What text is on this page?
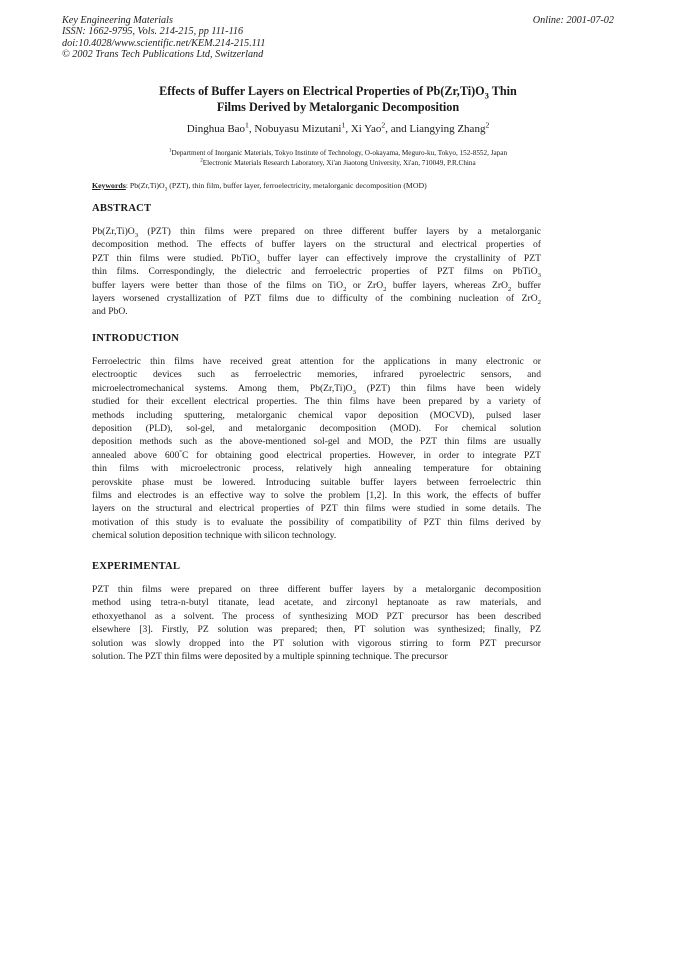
Key Engineering Materials
ISSN: 1662-9795, Vols. 214-215, pp 111-116
doi:10.4028/www.scientific.net/KEM.214-215.111
© 2002 Trans Tech Publications Ltd, Switzerland
Online: 2001-07-02
Effects of Buffer Layers on Electrical Properties of $Pb(Zr,Ti)O_3$ Thin
Films Derived by Metalorganic Decomposition
Dinghua Bao$^1$, Nobuyasu Mizutani$^1$, Xi Yao$^2$, and Liangying Zhang$^2$
$^1$Department of Inorganic Materials, Tokyo Institute of Technology, O-okayama, Meguro-ku, Tokyo, 152-8552, Japan
$^2$Electronic Materials Research Laboratory, Xi'an Jiaotong University, Xi'an, 710049, P.R.China
Keywords: $Pb(Zr,Ti)O_3$ (PZT), thin film, buffer layer, ferroelectricity, metalorganic decomposition (MOD)
ABSTRACT
$Pb(Zr,Ti)O_3$ (PZT) thin films were prepared on three different buffer layers by a metalorganic
decomposition method. The effects of buffer layers on the structural and electrical properties of
PZT thin films were studied. PbTiO$_3$ buffer layer can effectively improve the crystallinity of PZT
thin films. Correspondingly, the dielectric and ferroelectric properties of PZT films on PbTiO$_3$
buffer layers were better than those of the films on TiO$_2$ or ZrO$_2$ buffer layers, whereas ZrO$_2$ buffer
layers worsened crystallization of PZT films due to difficulty of the combining nucleation of ZrO$_2$
and PbO.
INTRODUCTION
Ferroelectric thin films have received great attention for the applications in many electronic or
electrooptic devices such as ferroelectric memories, infrared pyroelectric sensors, and
microelectromechanical systems. Among them, $Pb(Zr,Ti)O_3$ (PZT) thin films have been widely
studied for their excellent electrical properties. The thin films have been prepared by a variety of
methods including sputtering, metalorganic chemical vapor deposition (MOCVD), pulsed laser
deposition (PLD), sol-gel, and metalorganic decomposition (MOD). For chemical solution
deposition methods such as the above-mentioned sol-gel and MOD, the PZT thin films are usually
annealed above 600°C for obtaining good electrical properties. However, in order to integrate PZT
thin films with microelectronic process, relatively high annealing temperature for obtaining
perovskite phase must be lowered. Introducing suitable buffer layers between ferroelectric thin
films and electrodes is an effective way to solve the problem [1,2]. In this work, the effects of buffer
layers on the structural and electrical properties of PZT thin films were studied in some details. The
motivation of this study is to evaluate the possibility of compatibility of PZT thin films derived by
chemical solution deposition technique with silicon technology.
EXPERIMENTAL
PZT thin films were prepared on three different buffer layers by a metalorganic decomposition
method using tetra-n-butyl titanate, lead acetate, and zirconyl heptanoate as raw materials, and
ethoxyethanol as a solvent. The process of synthesizing MOD PZT precursor has been described
elsewhere [3]. Firstly, PZ solution was prepared; then, PT solution was synthesized; finally, PZ
solution was slowly dropped into the PT solution with vigorous stirring to form PZT precursor
solution. The PZT thin films were deposited by a multiple spinning technique. The precursor
